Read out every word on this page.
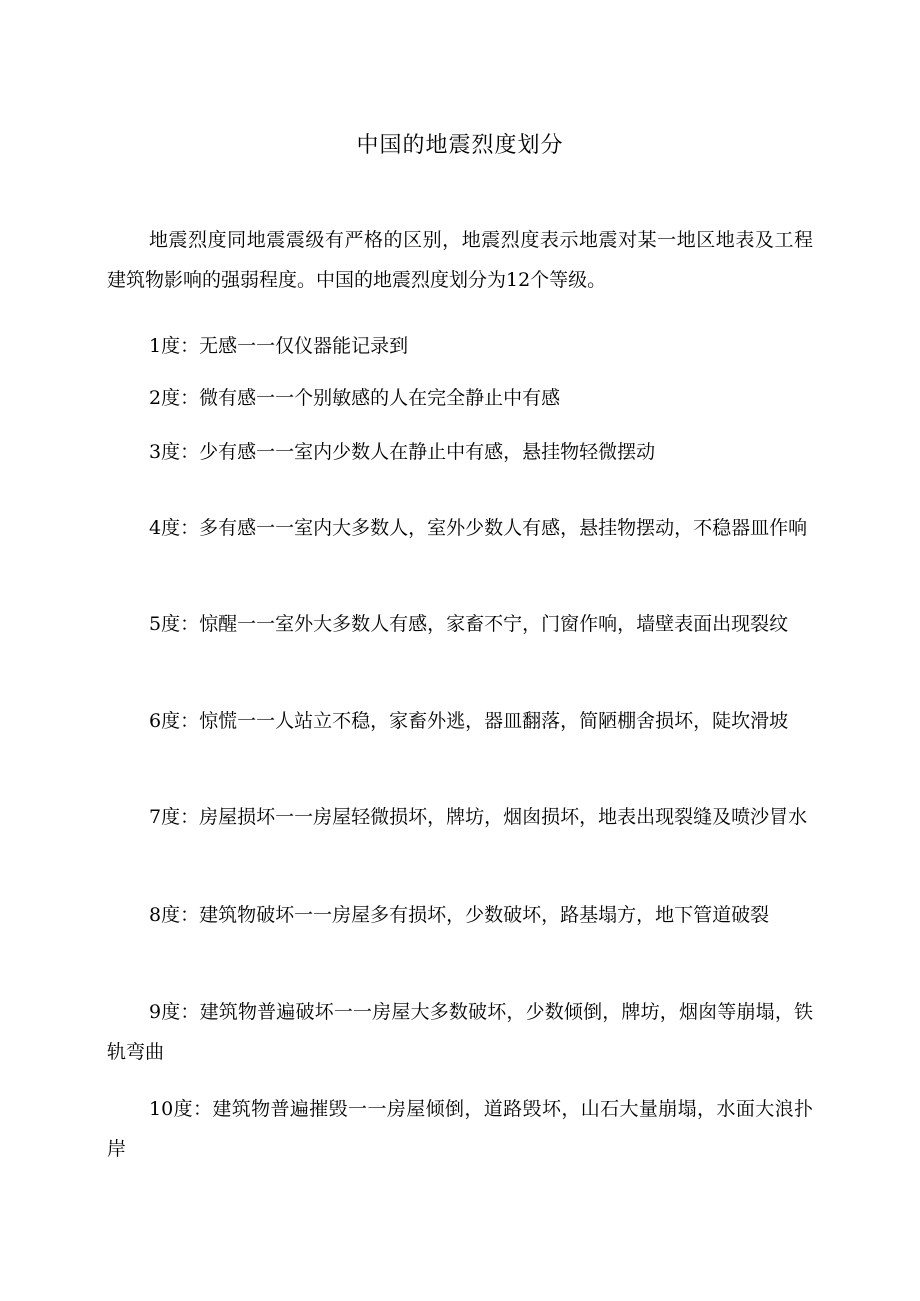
中国的地震烈度划分

地震烈度同地震震级有严格的区别，地震烈度表示地震对某一地区地表及工程建筑物影响的强弱程度。中国的地震烈度划分为12个等级。

1度：无感一一仅仪器能记录到

2度：微有感一一个别敏感的人在完全静止中有感

3度：少有感一一室内少数人在静止中有感，悬挂物轻微摆动

4度：多有感一一室内大多数人，室外少数人有感，悬挂物摆动，不稳器皿作响

5度：惊醒一一室外大多数人有感，家畜不宁，门窗作响，墙壁表面出现裂纹

6度：惊慌一一人站立不稳，家畜外逃，器皿翻落，简陋棚舍损坏，陡坎滑坡

7度：房屋损坏一一房屋轻微损坏，牌坊，烟囱损坏，地表出现裂缝及喷沙冒水

8度：建筑物破坏一一房屋多有损坏，少数破坏，路基塌方，地下管道破裂

9度：建筑物普遍破坏一一房屋大多数破坏，少数倾倒，牌坊，烟囱等崩塌，铁轨弯曲

10度：建筑物普遍摧毁一一房屋倾倒，道路毁坏，山石大量崩塌，水面大浪扑岸
